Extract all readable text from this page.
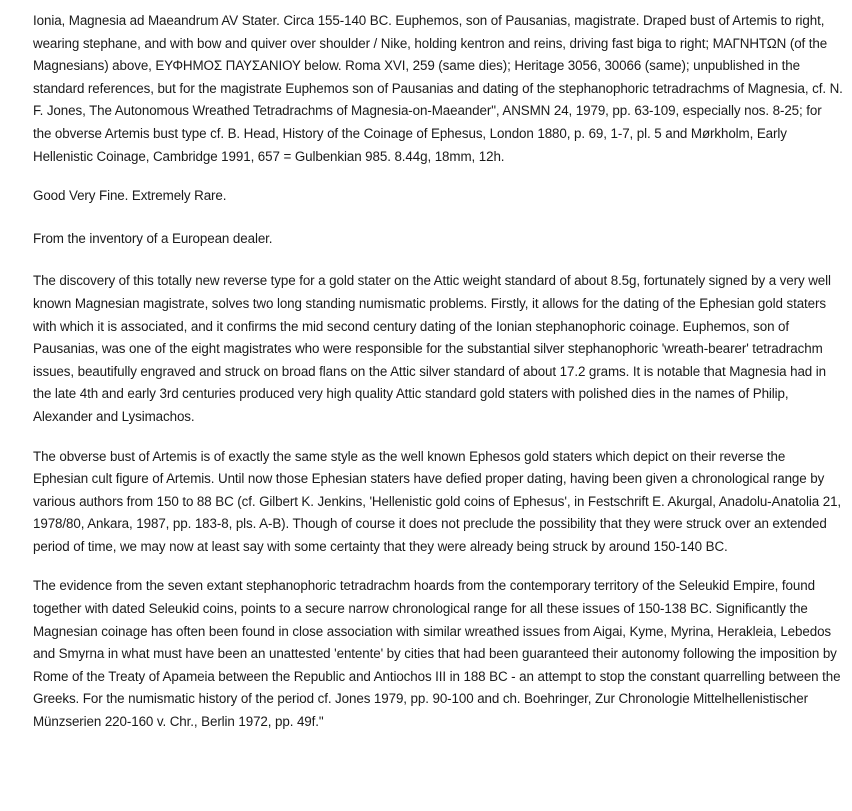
Ionia, Magnesia ad Maeandrum AV Stater. Circa 155-140 BC. Euphemos, son of Pausanias, magistrate. Draped bust of Artemis to right, wearing stephane, and with bow and quiver over shoulder / Nike, holding kentron and reins, driving fast biga to right; ΜΑΓΝΗΤΩΝ (of the Magnesians) above, ΕΥΦΗΜΟΣ ΠΑΥΣΑΝΙΟΥ below. Roma XVI, 259 (same dies); Heritage 3056, 30066 (same); unpublished in the standard references, but for the magistrate Euphemos son of Pausanias and dating of the stephanophoric tetradrachms of Magnesia, cf. N. F. Jones, The Autonomous Wreathed Tetradrachms of Magnesia-on-Maeander", ANSMN 24, 1979, pp. 63-109, especially nos. 8-25; for the obverse Artemis bust type cf. B. Head, History of the Coinage of Ephesus, London 1880, p. 69, 1-7, pl. 5 and Mørkholm, Early Hellenistic Coinage, Cambridge 1991, 657 = Gulbenkian 985. 8.44g, 18mm, 12h.

Good Very Fine. Extremely Rare.

From the inventory of a European dealer.

The discovery of this totally new reverse type for a gold stater on the Attic weight standard of about 8.5g, fortunately signed by a very well known Magnesian magistrate, solves two long standing numismatic problems. Firstly, it allows for the dating of the Ephesian gold staters with which it is associated, and it confirms the mid second century dating of the Ionian stephanophoric coinage. Euphemos, son of Pausanias, was one of the eight magistrates who were responsible for the substantial silver stephanophoric 'wreath-bearer' tetradrachm issues, beautifully engraved and struck on broad flans on the Attic silver standard of about 17.2 grams. It is notable that Magnesia had in the late 4th and early 3rd centuries produced very high quality Attic standard gold staters with polished dies in the names of Philip, Alexander and Lysimachos.

The obverse bust of Artemis is of exactly the same style as the well known Ephesos gold staters which depict on their reverse the Ephesian cult figure of Artemis. Until now those Ephesian staters have defied proper dating, having been given a chronological range by various authors from 150 to 88 BC (cf. Gilbert K. Jenkins, 'Hellenistic gold coins of Ephesus', in Festschrift E. Akurgal, Anadolu-Anatolia 21, 1978/80, Ankara, 1987, pp. 183-8, pls. A-B). Though of course it does not preclude the possibility that they were struck over an extended period of time, we may now at least say with some certainty that they were already being struck by around 150-140 BC.

The evidence from the seven extant stephanophoric tetradrachm hoards from the contemporary territory of the Seleukid Empire, found together with dated Seleukid coins, points to a secure narrow chronological range for all these issues of 150-138 BC. Significantly the Magnesian coinage has often been found in close association with similar wreathed issues from Aigai, Kyme, Myrina, Herakleia, Lebedos and Smyrna in what must have been an unattested 'entente' by cities that had been guaranteed their autonomy following the imposition by Rome of the Treaty of Apameia between the Republic and Antiochos III in 188 BC - an attempt to stop the constant quarrelling between the Greeks. For the numismatic history of the period cf. Jones 1979, pp. 90-100 and ch. Boehringer, Zur Chronologie Mittelhellenistischer Münzserien 220-160 v. Chr., Berlin 1972, pp. 49f."
